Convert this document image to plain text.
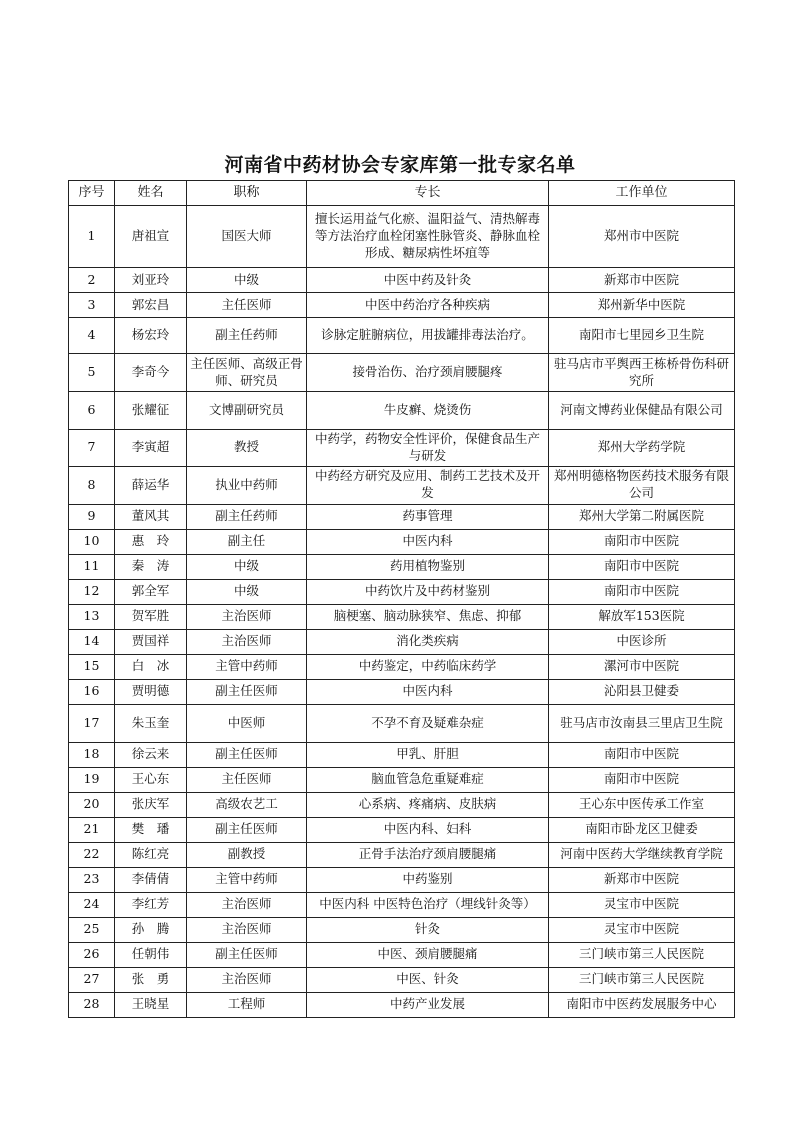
河南省中药材协会专家库第一批专家名单
序号	姓名	职称	专长	工作单位
1	唐祖宣	国医大师	擅长运用益气化瘀、温阳益气、清热解毒等方法治疗血栓闭塞性脉管炎、静脉血栓形成、糖尿病性坏疽等	郑州市中医院
2	刘亚玲	中级	中医中药及针灸	新郑市中医院
3	郭宏昌	主任医师	中医中药治疗各种疾病	郑州新华中医院
4	杨宏玲	副主任药师	诊脉定脏腑病位，用拔罐排毒法治疗。	南阳市七里园乡卫生院
5	李奇今	主任医师、高级正骨师、研究员	接骨治伤、治疗颈肩腰腿疼	驻马店市平舆西王栋桥骨伤科研究所
6	张耀征	文博副研究员	牛皮癣、烧烫伤	河南文博药业保健品有限公司
7	李寅超	教授	中药学，药物安全性评价，保健食品生产与研发	郑州大学药学院
8	薛运华	执业中药师	中药经方研究及应用、制药工艺技术及开发	郑州明德格物医药技术服务有限公司
9	董风其	副主任药师	药事管理	郑州大学第二附属医院
10	惠　玲	副主任	中医内科	南阳市中医院
11	秦　涛	中级	药用植物鉴别	南阳市中医院
12	郭全军	中级	中药饮片及中药材鉴别	南阳市中医院
13	贺军胜	主治医师	脑梗塞、脑动脉狭窄、焦虑、抑郁	解放军153医院
14	贾国祥	主治医师	消化类疾病	中医诊所
15	白　冰	主管中药师	中药鉴定，中药临床药学	漯河市中医院
16	贾明德	副主任医师	中医内科	沁阳县卫健委
17	朱玉奎	中医师	不孕不育及疑难杂症	驻马店市汝南县三里店卫生院
18	徐云来	副主任医师	甲乳、肝胆	南阳市中医院
19	王心东	主任医师	脑血管急危重疑难症	南阳市中医院
20	张庆军	高级农艺工	心系病、疼痛病、皮肤病	王心东中医传承工作室
21	樊　璠	副主任医师	中医内科、妇科	南阳市卧龙区卫健委
22	陈红亮	副教授	正骨手法治疗颈肩腰腿痛	河南中医药大学继续教育学院
23	李倩倩	主管中药师	中药鉴别	新郑市中医院
24	李红芳	主治医师	中医内科 中医特色治疗（埋线针灸等）	灵宝市中医院
25	孙　腾	主治医师	针灸	灵宝市中医院
26	任朝伟	副主任医师	中医、颈肩腰腿痛	三门峡市第三人民医院
27	张　勇	主治医师	中医、针灸	三门峡市第三人民医院
28	王晓星	工程师	中药产业发展	南阳市中医药发展服务中心
